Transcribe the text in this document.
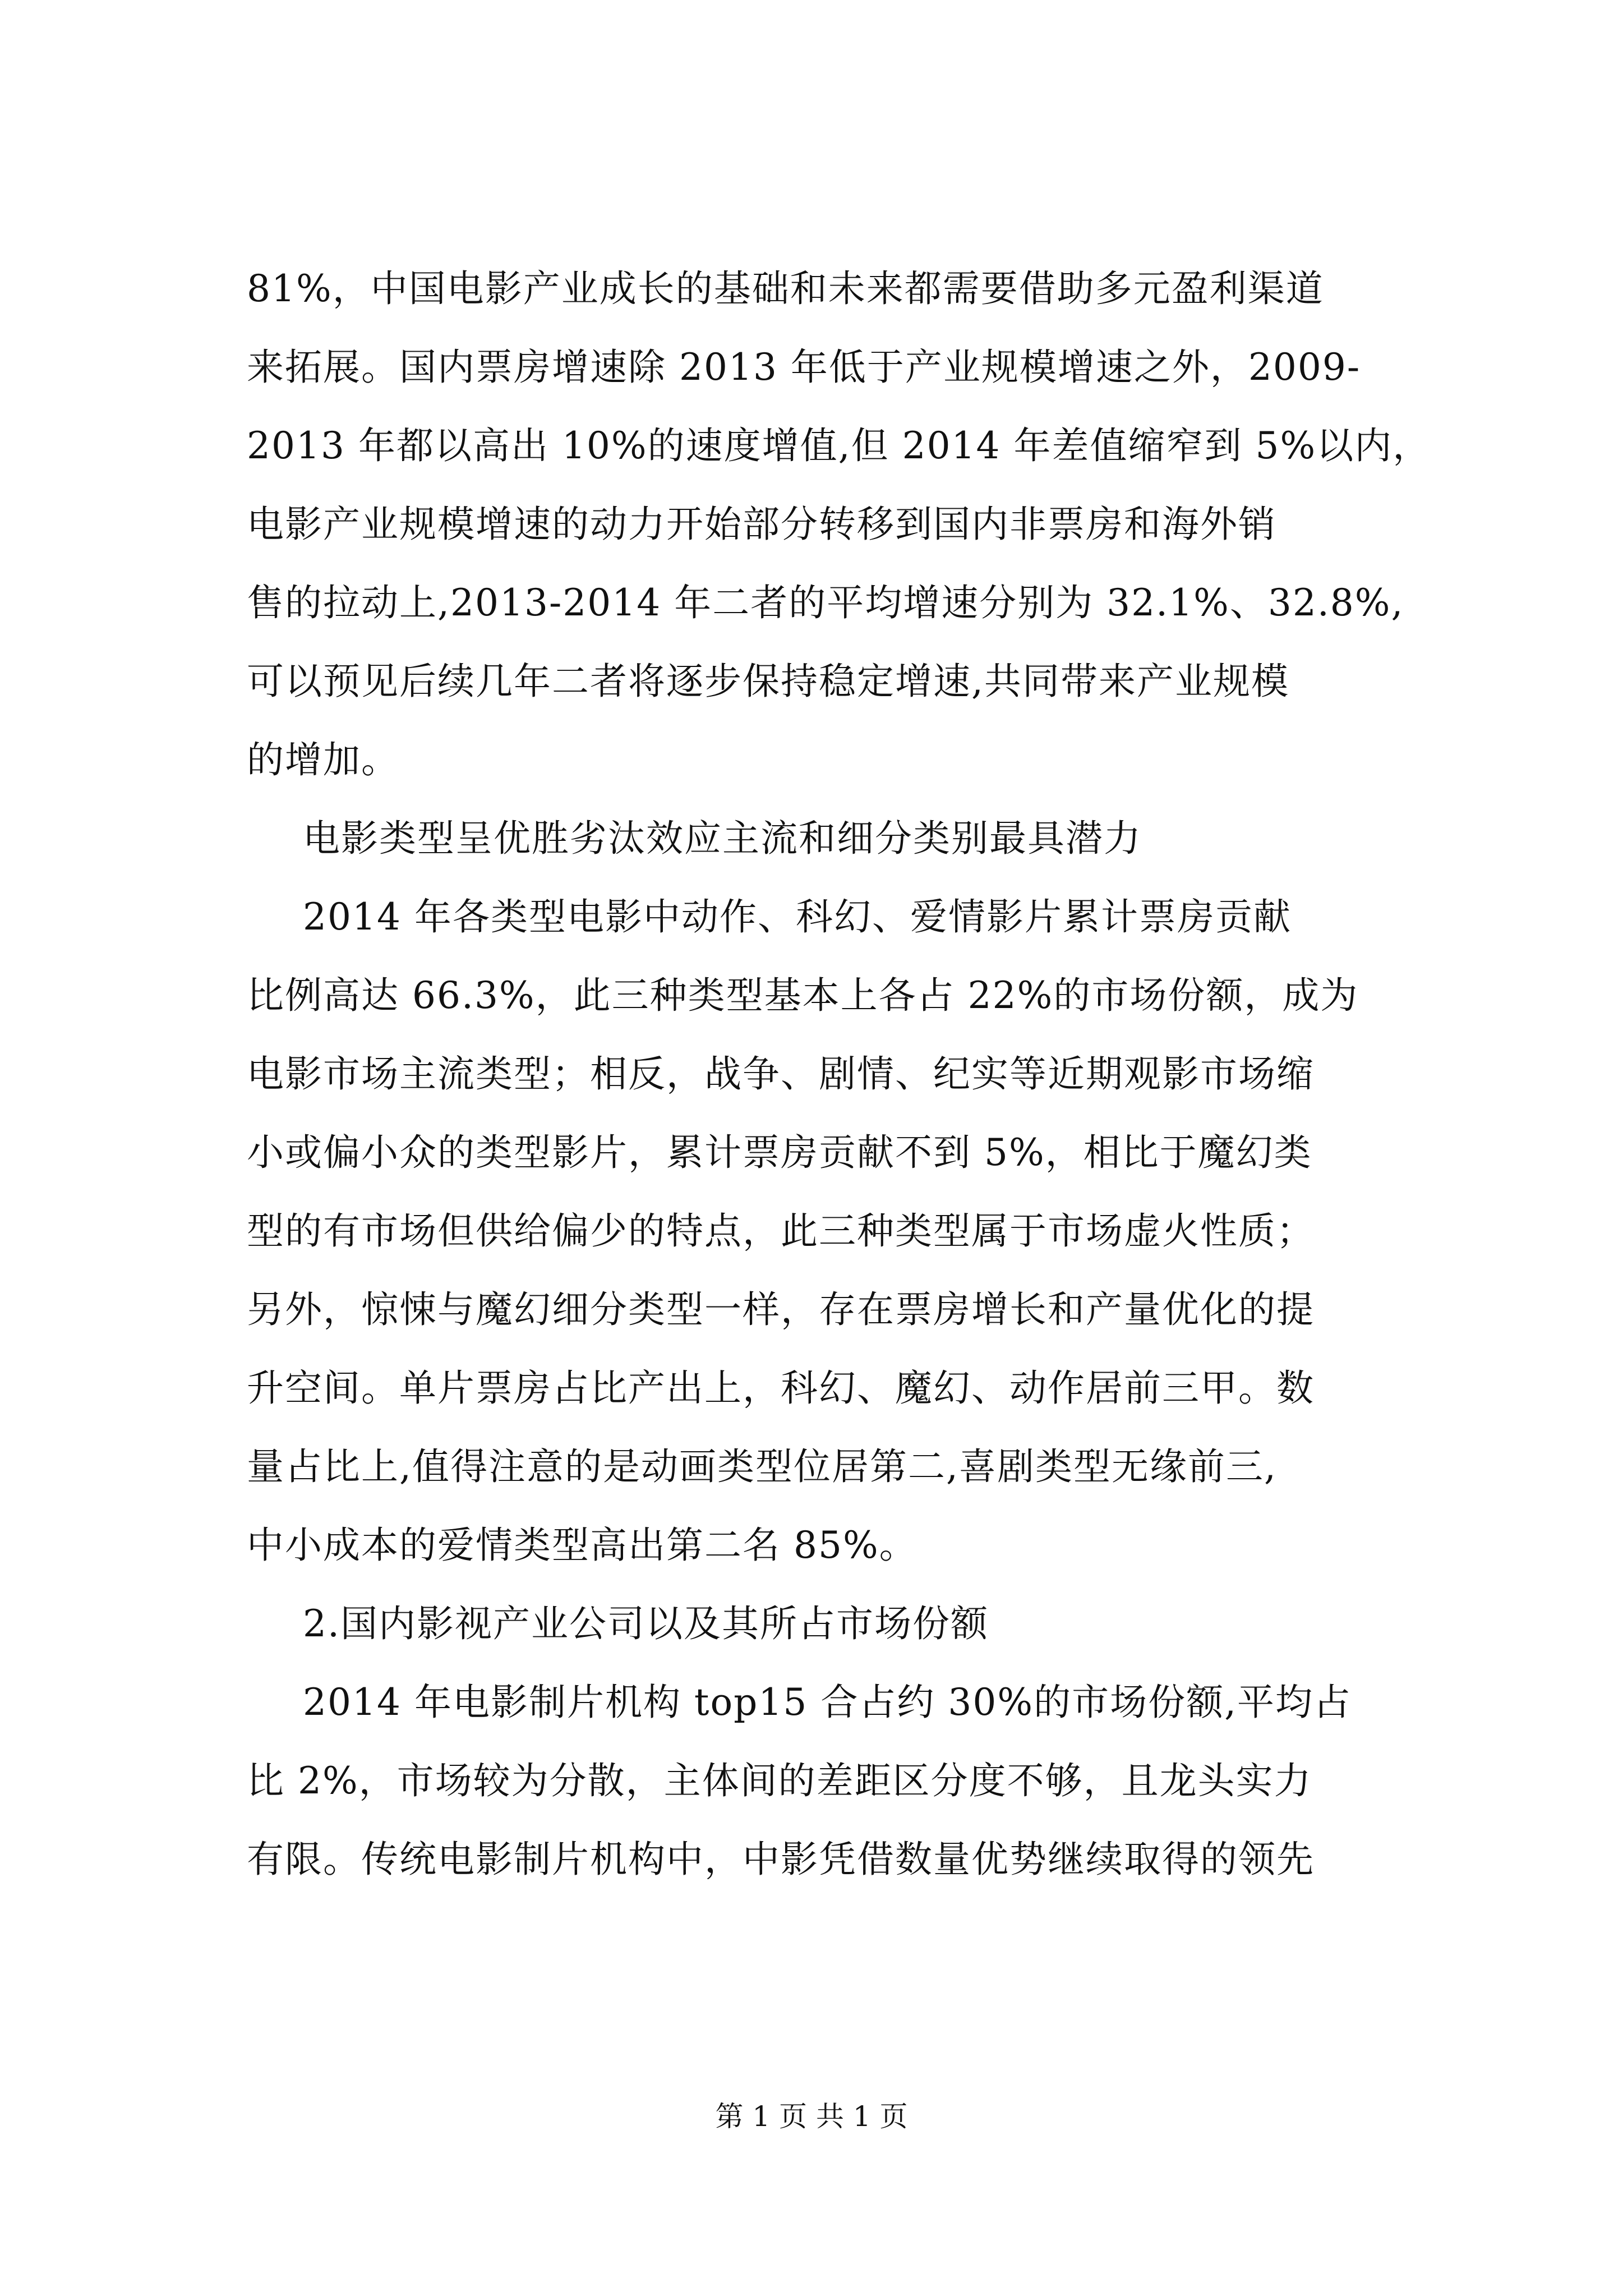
81%，中国电影产业成长的基础和未来都需要借助多元盈利渠道
来拓展。国内票房增速除 2013 年低于产业规模增速之外，2009-
2013 年都以高出 10%的速度增值,但 2014 年差值缩窄到 5%以内，
电影产业规模增速的动力开始部分转移到国内非票房和海外销
售的拉动上,2013-2014 年二者的平均增速分别为 32.1%、32.8%,
可以预见后续几年二者将逐步保持稳定增速,共同带来产业规模
的增加。
电影类型呈优胜劣汰效应主流和细分类别最具潜力
2014 年各类型电影中动作、科幻、爱情影片累计票房贡献
比例高达 66.3%，此三种类型基本上各占 22%的市场份额，成为
电影市场主流类型；相反，战争、剧情、纪实等近期观影市场缩
小或偏小众的类型影片，累计票房贡献不到 5%，相比于魔幻类
型的有市场但供给偏少的特点，此三种类型属于市场虚火性质；
另外，惊悚与魔幻细分类型一样，存在票房增长和产量优化的提
升空间。单片票房占比产出上，科幻、魔幻、动作居前三甲。数
量占比上,值得注意的是动画类型位居第二,喜剧类型无缘前三,
中小成本的爱情类型高出第二名 85%。
2.国内影视产业公司以及其所占市场份额
2014 年电影制片机构 top15 合占约 30%的市场份额,平均占
比 2%，市场较为分散，主体间的差距区分度不够，且龙头实力
有限。传统电影制片机构中，中影凭借数量优势继续取得的领先
第 1 页 共 1 页
